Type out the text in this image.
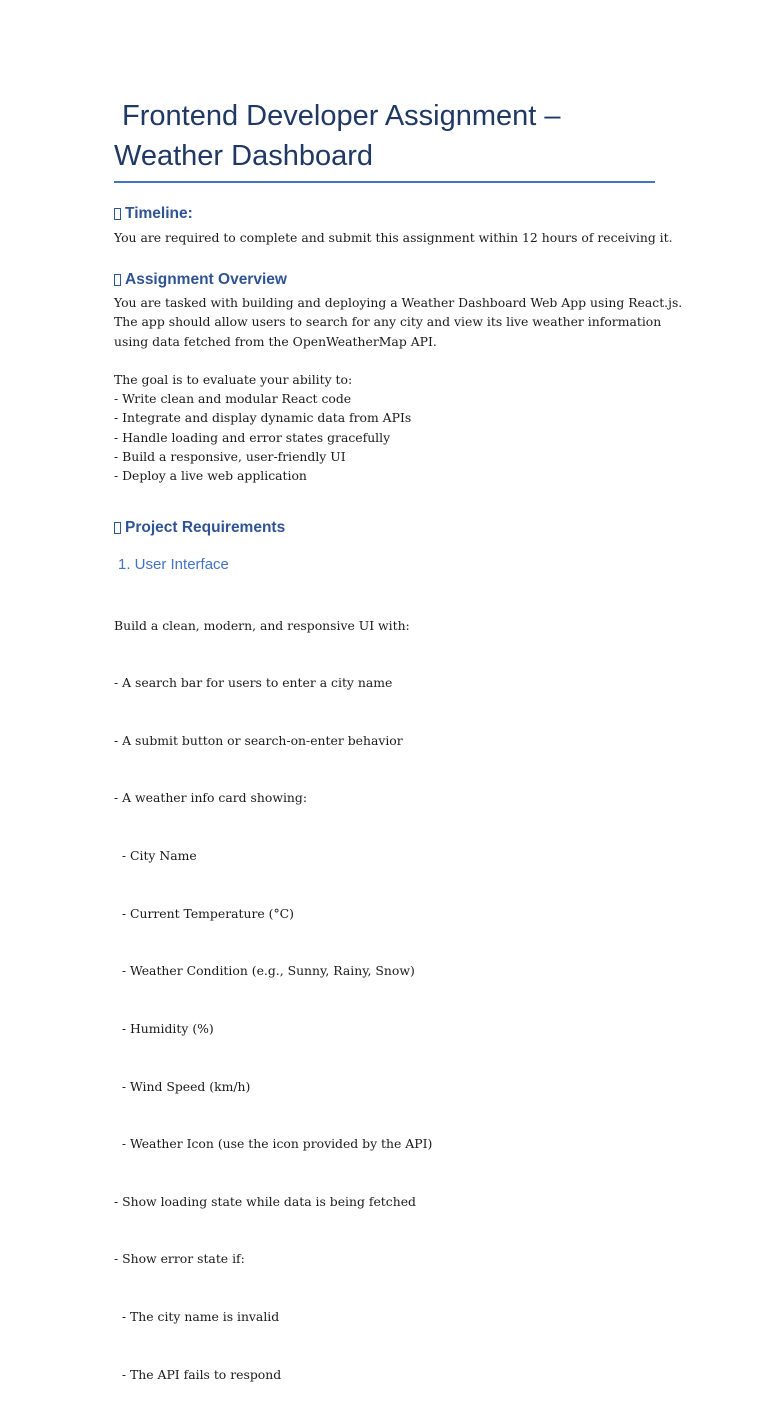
Frontend Developer Assignment –
Weather Dashboard
Timeline:

You are required to complete and submit this assignment within 12 hours of receiving it.

Assignment Overview

You are tasked with building and deploying a Weather Dashboard Web App using React.js.
The app should allow users to search for any city and view its live weather information
using data fetched from the OpenWeatherMap API.
The goal is to evaluate your ability to:
- Write clean and modular React code
- Integrate and display dynamic data from APIs
- Handle loading and error states gracefully
- Build a responsive, user-friendly UI
- Deploy a live web application

Project Requirements
1. User Interface

Build a clean, modern, and responsive UI with:

- A search bar for users to enter a city name

- A submit button or search-on-enter behavior

- A weather info card showing:

- City Name

- Current Temperature (°C)

- Weather Condition (e.g., Sunny, Rainy, Snow)

- Humidity (%)

- Wind Speed (km/h)

- Weather Icon (use the icon provided by the API)

- Show loading state while data is being fetched

- Show error state if:

- The city name is invalid

- The API fails to respond
